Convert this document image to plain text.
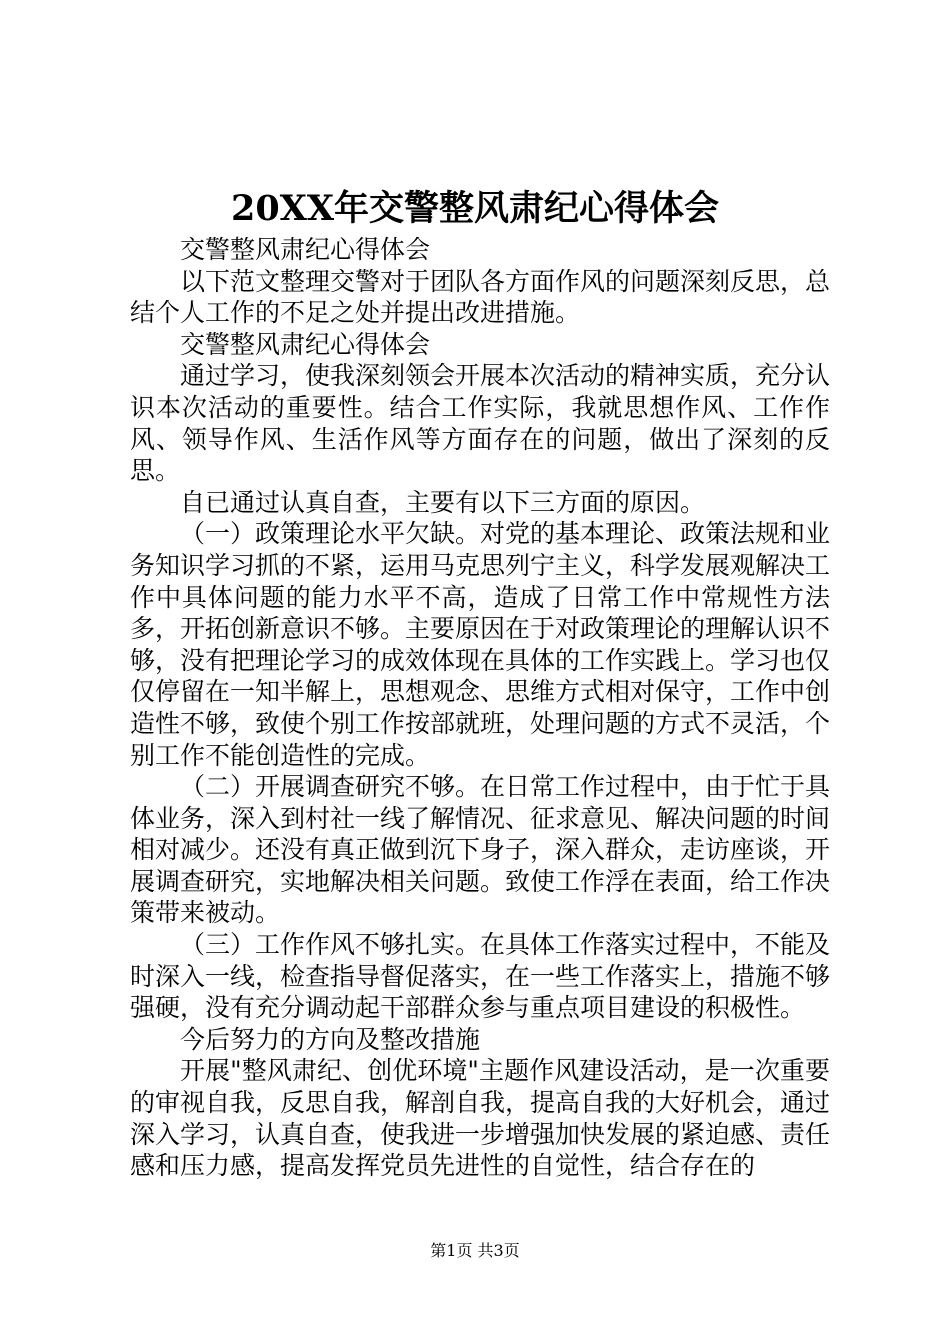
20XX年交警整风肃纪心得体会

交警整风肃纪心得体会

以下范文整理交警对于团队各方面作风的问题深刻反思，总结个人工作的不足之处并提出改进措施。

交警整风肃纪心得体会

通过学习，使我深刻领会开展本次活动的精神实质，充分认识本次活动的重要性。结合工作实际，我就思想作风、工作作风、领导作风、生活作风等方面存在的问题，做出了深刻的反思。

自已通过认真自查，主要有以下三方面的原因。

（一）政策理论水平欠缺。对党的基本理论、政策法规和业务知识学习抓的不紧，运用马克思列宁主义，科学发展观解决工作中具体问题的能力水平不高，造成了日常工作中常规性方法多，开拓创新意识不够。主要原因在于对政策理论的理解认识不够，没有把理论学习的成效体现在具体的工作实践上。学习也仅仅停留在一知半解上，思想观念、思维方式相对保守，工作中创造性不够，致使个别工作按部就班，处理问题的方式不灵活，个别工作不能创造性的完成。

（二）开展调查研究不够。在日常工作过程中，由于忙于具体业务，深入到村社一线了解情况、征求意见、解决问题的时间相对减少。还没有真正做到沉下身子，深入群众，走访座谈，开展调查研究，实地解决相关问题。致使工作浮在表面，给工作决策带来被动。

（三）工作作风不够扎实。在具体工作落实过程中，不能及时深入一线，检查指导督促落实，在一些工作落实上，措施不够强硬，没有充分调动起干部群众参与重点项目建设的积极性。

今后努力的方向及整改措施

开展"整风肃纪、创优环境"主题作风建设活动，是一次重要的审视自我，反思自我，解剖自我，提高自我的大好机会，通过深入学习，认真自查，使我进一步增强加快发展的紧迫感、责任感和压力感，提高发挥党员先进性的自觉性，结合存在的

第1页 共3页
